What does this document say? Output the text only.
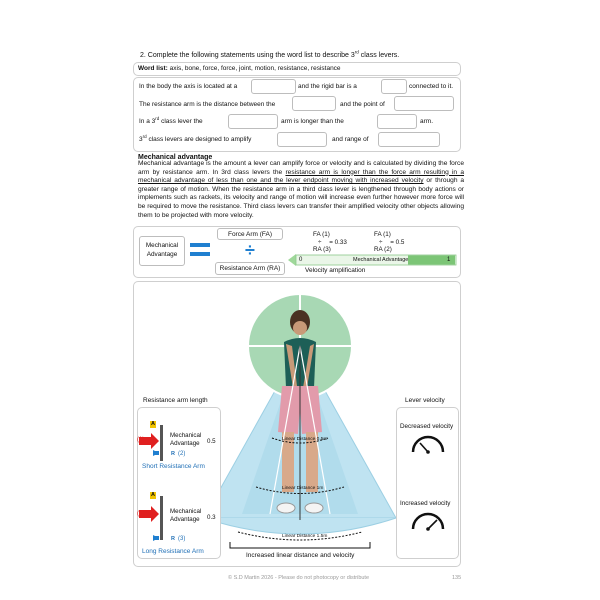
2. Complete the following statements using the word list to describe 3rd class levers.
Word list: axis, bone, force, force, joint, motion, resistance, resistance
In the body the axis is located at a	and the rigid bar is a	connected to it.
The resistance arm is the distance between the	and the point of
In a 3rd class lever the	arm is longer than the	arm.
3rd class levers are designed to amplify	and range of
Mechanical advantage
Mechanical advantage is the amount a lever can amplify force or velocity and is calculated by dividing the force arm by resistance arm. In 3rd class levers the resistance arm is longer than the force arm resulting in a mechanical advantage of less than one and the lever endpoint moving with increased velocity or through a greater range of motion. When the resistance arm in a third class lever is lengthened through body actions or implements such as rackets, its velocity and range of motion will increase even further however more force will be required to move the resistance. Third class levers can transfer their amplified velocity other objects allowing them to be projected with more velocity.
Mechanical Advantage
Force Arm (FA)
÷
Resistance Arm (RA)
FA (1)
÷ = 0.33
RA (3)
FA (1)
÷ = 0.5
RA (2)
0	Mechanical Advantage	1
Velocity amplification
Linear Distance 0.5m
Linear Distance 1m
Linear Distance 1.5m
Increased linear distance and velocity
Resistance arm length
A
(1)
Mechanical Advantage	0.5
R (2)
Short Resistance Arm
A
(1)	Mechanical Advantage	0.3
R (3)
Long Resistance Arm
Lever velocity
Decreased velocity
Increased velocity
© S.D Martin 2026 - Please do not photocopy or distribute	135
